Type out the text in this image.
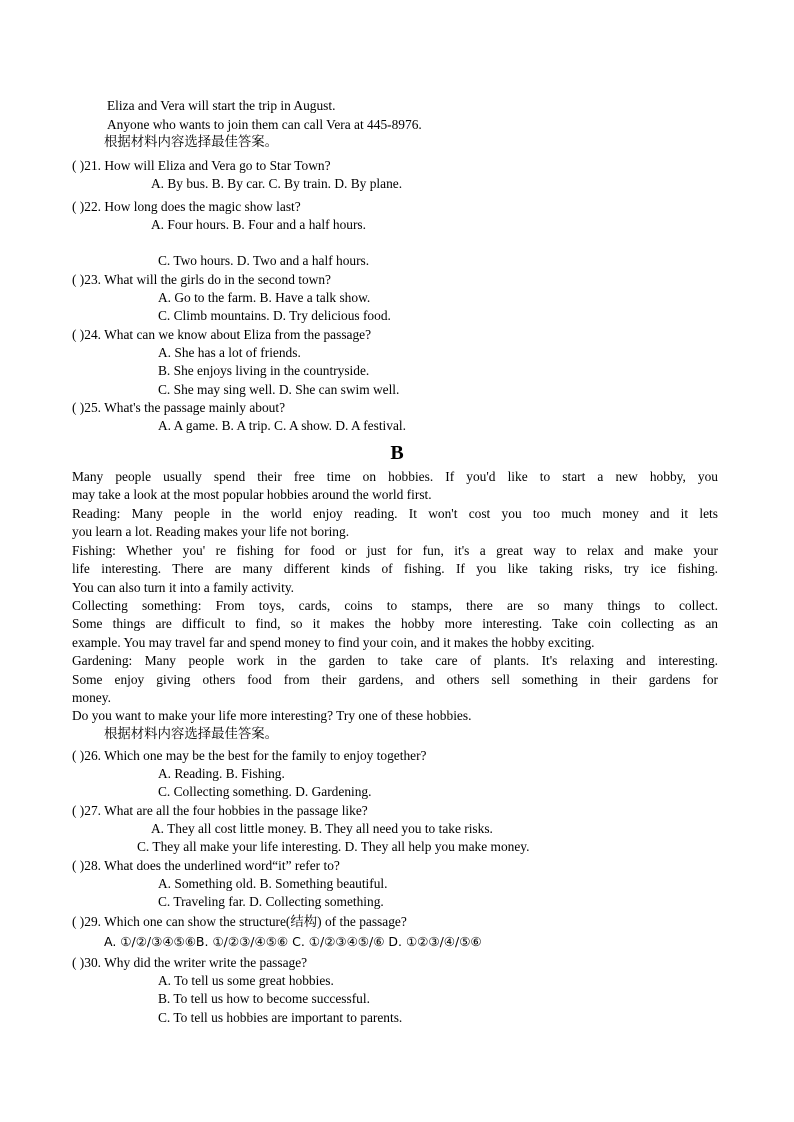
Eliza and Vera will start the trip in August.
Anyone who wants to join them can call Vera at 445-8976.
根据材料内容选择最佳答案。
( )21. How will Eliza and Vera go to Star Town?
A. By bus. B. By car. C. By train. D. By plane.
( )22. How long does the magic show last?
A. Four hours. B. Four and a half hours.
C. Two hours. D. Two and a half hours.
( )23. What will the girls do in the second town?
A. Go to the farm. B. Have a talk show.
C. Climb mountains. D. Try delicious food.
( )24. What can we know about Eliza from the passage?
A. She has a lot of friends.
B. She enjoys living in the countryside.
C. She may sing well. D. She can swim well.
( )25. What's the passage mainly about?
A. A game. B. A trip. C. A show. D. A festival.
B
Many people usually spend their free time on hobbies. If you'd like to start a new hobby, you
may take a look at the most popular hobbies around the world first.
Reading: Many people in the world enjoy reading. It won't cost you too much money and it lets
you learn a lot. Reading makes your life not boring.
Fishing: Whether you' re fishing for food or just for fun, it's a great way to relax and make your
life interesting. There are many different kinds of fishing. If you like taking risks, try ice fishing.
You can also turn it into a family activity.
Collecting something: From toys, cards, coins to stamps, there are so many things to collect.
Some things are difficult to find, so it makes the hobby more interesting. Take coin collecting as an
example. You may travel far and spend money to find your coin, and it makes the hobby exciting.
Gardening: Many people work in the garden to take care of plants. It's relaxing and interesting.
Some enjoy giving others food from their gardens, and others sell something in their gardens for
money.
Do you want to make your life more interesting? Try one of these hobbies.
根据材料内容选择最佳答案。
( )26. Which one may be the best for the family to enjoy together?
A. Reading. B. Fishing.
C. Collecting something. D. Gardening.
( )27. What are all the four hobbies in the passage like?
A. They all cost little money. B. They all need you to take risks.
C. They all make your life interesting. D. They all help you make money.
( )28. What does the underlined word“it” refer to?
A. Something old. B. Something beautiful.
C. Traveling far. D. Collecting something.
( )29. Which one can show the structure(结构) of the passage?
A. ①/②/③④⑤⑥B. ①/②③/④⑤⑥ C. ①/②③④⑤/⑥ D. ①②③/④/⑤⑥
( )30. Why did the writer write the passage?
A. To tell us some great hobbies.
B. To tell us how to become successful.
C. To tell us hobbies are important to parents.
